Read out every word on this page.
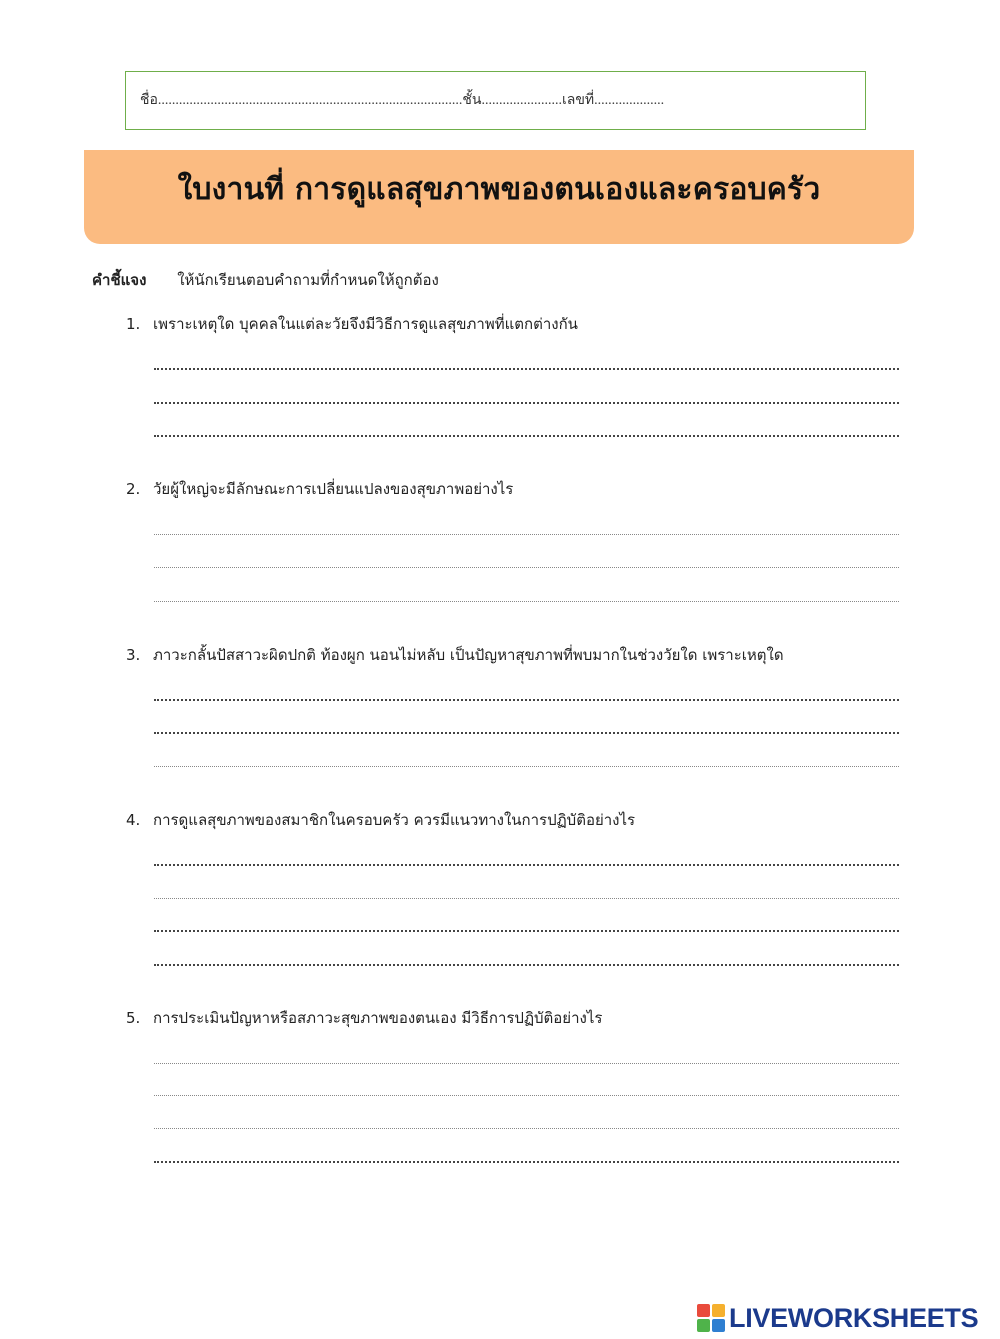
ชื่อ.......................................................................................ชั้น.......................เลขที่....................

ใบงานที่ การดูแลสุขภาพของตนเองและครอบครัว
คำชี้แจง ให้นักเรียนตอบคำถามที่กำหนดให้ถูกต้อง

1. เพราะเหตุใด บุคคลในแต่ละวัยจึงมีวิธีการดูแลสุขภาพที่แตกต่างกัน

2. วัยผู้ใหญ่จะมีลักษณะการเปลี่ยนแปลงของสุขภาพอย่างไร

3. ภาวะกลั้นปัสสาวะผิดปกติ ท้องผูก นอนไม่หลับ เป็นปัญหาสุขภาพที่พบมากในช่วงวัยใด เพราะเหตุใด

4. การดูแลสุขภาพของสมาชิกในครอบครัว ควรมีแนวทางในการปฏิบัติอย่างไร

5. การประเมินปัญหาหรือสภาวะสุขภาพของตนเอง มีวิธีการปฏิบัติอย่างไร

LIVEWORKSHEETS
